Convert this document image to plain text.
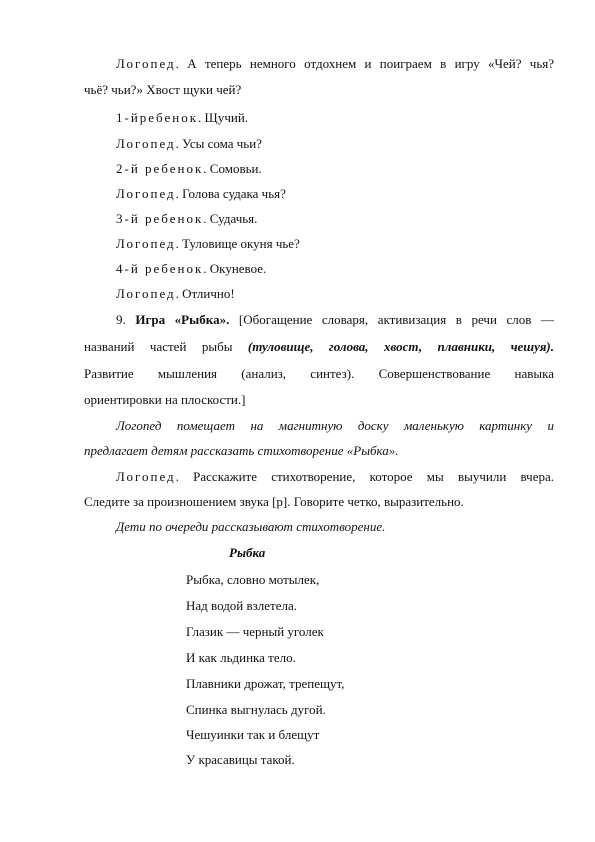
Логопед. А теперь немного отдохнем и поиграем в игру «Чей? чья?
чьё? чьи?» Хвост щуки чей?
1-йребенок. Щучий.
Логопед. Усы сома чьи?
2-й ребенок. Сомовьи.
Логопед. Голова судака чья?
3-й ребенок. Судачья.
Логопед. Туловище окуня чье?
4-й ребенок. Окуневое.
Логопед. Отлично!
9. Игра «Рыбка». [Обогащение словаря, активизация в речи слов —
названий частей рыбы (туловище, голова, хвост, плавники, чешуя).
Развитие мышления (анализ, синтез). Совершенствование навыка
ориентировки на плоскости.]
Логопед помещает на магнитную доску маленькую картинку и
предлагает детям рассказать стихотворение «Рыбка».
Логопед. Расскажите стихотворение, которое мы выучили вчера.
Следите за произношением звука [р]. Говорите четко, выразительно.
Дети по очереди рассказывают стихотворение.
Рыбка
Рыбка, словно мотылек,
Над водой взлетела.
Глазик — черный уголек
И как льдинка тело.
Плавники дрожат, трепещут,
Спинка выгнулась дугой.
Чешуинки так и блещут
У красавицы такой.
